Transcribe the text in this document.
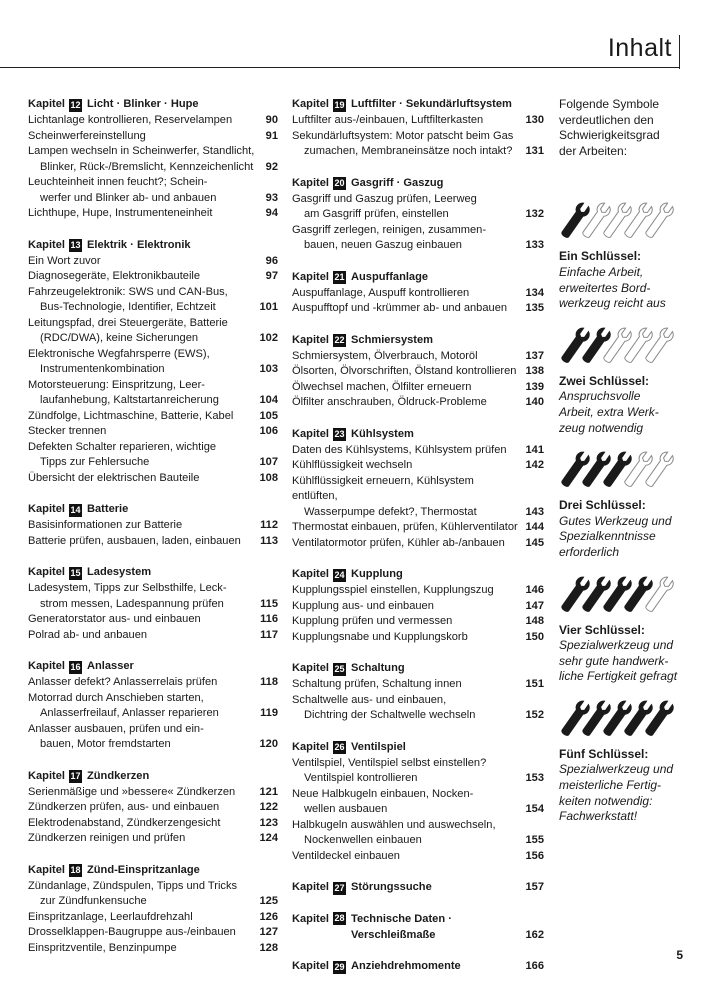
Inhalt
Kapitel 12 Licht · Blinker · Hupe
Lichtanlage kontrollieren, Reservelampen	90
Scheinwerfereinstellung	91
Lampen wechseln in Scheinwerfer, Standlicht,
Blinker, Rück-/Bremslicht, Kennzeichenlicht	92
Leuchteinheit innen feucht?; Schein-
werfer und Blinker ab- und anbauen	93
Lichthupe, Hupe, Instrumenteneinheit	94
Kapitel 13 Elektrik · Elektronik
Ein Wort zuvor	96
Diagnosegeräte, Elektronikbauteile	97
Fahrzeugelektronik: SWS und CAN-Bus,
Bus-Technologie, Identifier, Echtzeit	101
Leitungspfad, drei Steuergeräte, Batterie
(RDC/DWA), keine Sicherungen	102
Elektronische Wegfahrsperre (EWS),
Instrumentenkombination	103
Motorsteuerung: Einspritzung, Leer-
laufanhebung, Kaltstartanreicherung	104
Zündfolge, Lichtmaschine, Batterie, Kabel	105
Stecker trennen	106
Defekten Schalter reparieren, wichtige
Tipps zur Fehlersuche	107
Übersicht der elektrischen Bauteile	108
Kapitel 14 Batterie
Basisinformationen zur Batterie	112
Batterie prüfen, ausbauen, laden, einbauen	113
Kapitel 15 Ladesystem
Ladesystem, Tipps zur Selbsthilfe, Leck-
strom messen, Ladespannung prüfen	115
Generatorstator aus- und einbauen	116
Polrad ab- und anbauen	117
Kapitel 16 Anlasser
Anlasser defekt? Anlasserrelais prüfen	118
Motorrad durch Anschieben starten,
Anlasserfreilauf, Anlasser reparieren	119
Anlasser ausbauen, prüfen und ein-
bauen, Motor fremdstarten	120
Kapitel 17 Zündkerzen
Serienmäßige und »bessere« Zündkerzen	121
Zündkerzen prüfen, aus- und einbauen	122
Elektrodenabstand, Zündkerzengesicht	123
Zündkerzen reinigen und prüfen	124
Kapitel 18 Zünd-Einspritzanlage
Zündanlage, Zündspulen, Tipps und Tricks
zur Zündfunkensuche	125
Einspritzanlage, Leerlaufdrehzahl	126
Drosselklappen-Baugruppe aus-/einbauen	127
Einspritzventile, Benzinpumpe	128
Kapitel 19 Luftfilter · Sekundärluftsystem
Luftfilter aus-/einbauen, Luftfilterkasten	130
Sekundärluftsystem: Motor patscht beim Gas
zumachen, Membraneinsätze noch intakt?	131
Kapitel 20 Gasgriff · Gaszug
Gasgriff und Gaszug prüfen, Leerweg
am Gasgriff prüfen, einstellen	132
Gasgriff zerlegen, reinigen, zusammen-
bauen, neuen Gaszug einbauen	133
Kapitel 21 Auspuffanlage
Auspuffanlage, Auspuff kontrollieren	134
Auspufftopf und -krümmer ab- und anbauen	135
Kapitel 22 Schmiersystem
Schmiersystem, Ölverbrauch, Motoröl	137
Ölsorten, Ölvorschriften, Ölstand kontrollieren 138
Ölwechsel machen, Ölfilter erneuern	139
Ölfilter anschrauben, Öldruck-Probleme	140
Kapitel 23 Kühlsystem
Daten des Kühlsystems, Kühlsystem prüfen	141
Kühlflüssigkeit wechseln	142
Kühlflüssigkeit erneuern, Kühlsystem entlüften,
Wasserpumpe defekt?, Thermostat	143
Thermostat einbauen, prüfen, Kühlerventilator 144
Ventilatormotor prüfen, Kühler ab-/anbauen	145
Kapitel 24 Kupplung
Kupplungsspiel einstellen, Kupplungszug	146
Kupplung aus- und einbauen	147
Kupplung prüfen und vermessen	148
Kupplungsnabe und Kupplungskorb	150
Kapitel 25 Schaltung
Schaltung prüfen, Schaltung innen	151
Schaltwelle aus- und einbauen,
Dichtring der Schaltwelle wechseln	152
Kapitel 26 Ventilspiel
Ventilspiel, Ventilspiel selbst einstellen?
Ventilspiel kontrollieren	153
Neue Halbkugeln einbauen, Nocken-
wellen ausbauen	154
Halbkugeln auswählen und auswechseln,
Nockenwellen einbauen	155
Ventildeckel einbauen	156
Kapitel 27 Störungssuche	157
Kapitel 28 Technische Daten ·
Verschleißmaße	162
Kapitel 29 Anziehdrehmomente	166
Folgende Symbole
verdeutlichen den
Schwierigkeitsgrad
der Arbeiten:
Ein Schlüssel:
Einfache Arbeit,
erweitertes Bord-
werkzeug reicht aus
Zwei Schlüssel:
Anspruchsvolle
Arbeit, extra Werk-
zeug notwendig
Drei Schlüssel:
Gutes Werkzeug und
Spezialkenntnisse
erforderlich
Vier Schlüssel:
Spezialwerkzeug und
sehr gute handwerk-
liche Fertigkeit gefragt
Fünf Schlüssel:
Spezialwerkzeug und
meisterliche Fertig-
keiten notwendig:
Fachwerkstatt!
5
